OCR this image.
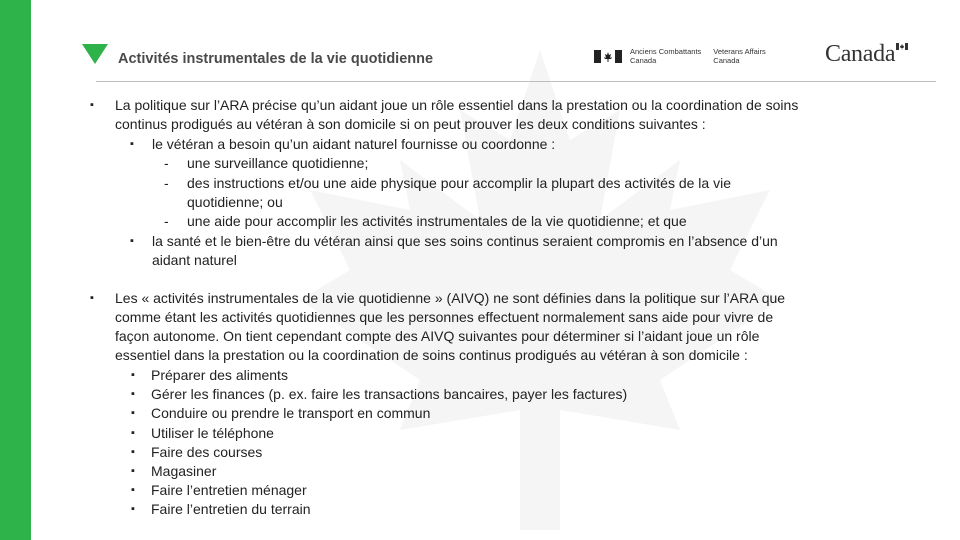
Activités instrumentales de la vie quotidienne	Anciens Combattants
Canada
Veterans Affairs
Canada	Canada
▪ La politique sur l’ARA précise qu’un aidant joue un rôle essentiel dans la prestation ou la coordination de soins
continus prodigués au vétéran à son domicile si on peut prouver les deux conditions suivantes :
▪ le vétéran a besoin qu’un aidant naturel fournisse ou coordonne :
- une surveillance quotidienne;
- des instructions et/ou une aide physique pour accomplir la plupart des activités de la vie
quotidienne; ou
- une aide pour accomplir les activités instrumentales de la vie quotidienne; et que
▪ la santé et le bien-être du vétéran ainsi que ses soins continus seraient compromis en l’absence d’un
aidant naturel
▪ Les « activités instrumentales de la vie quotidienne » (AIVQ) ne sont définies dans la politique sur l’ARA que
comme étant les activités quotidiennes que les personnes effectuent normalement sans aide pour vivre de
façon autonome. On tient cependant compte des AIVQ suivantes pour déterminer si l’aidant joue un rôle
essentiel dans la prestation ou la coordination de soins continus prodigués au vétéran à son domicile :
▪ Préparer des aliments
▪ Gérer les finances (p. ex. faire les transactions bancaires, payer les factures)
▪ Conduire ou prendre le transport en commun
▪ Utiliser le téléphone
▪ Faire des courses
▪ Magasiner
▪ Faire l’entretien ménager
▪ Faire l’entretien du terrain
